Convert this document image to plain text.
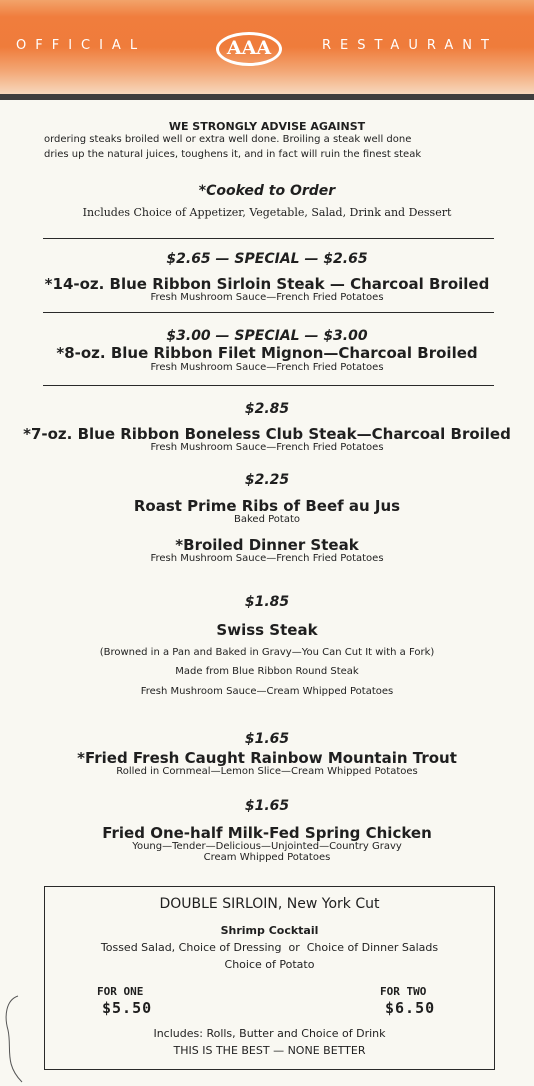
OFFICIAL	AAA	RESTAURANT
WE STRONGLY ADVISE AGAINST
ordering steaks broiled well or extra well done. Broiling a steak well done
dries up the natural juices, toughens it, and in fact will ruin the finest steak
*Cooked to Order
Includes Choice of Appetizer, Vegetable, Salad, Drink and Dessert
$2.65 — SPECIAL — $2.65
*14-oz. Blue Ribbon Sirloin Steak — Charcoal Broiled
Fresh Mushroom Sauce—French Fried Potatoes
$3.00 — SPECIAL — $3.00
*8-oz. Blue Ribbon Filet Mignon—Charcoal Broiled
Fresh Mushroom Sauce—French Fried Potatoes
$2.85
*7-oz. Blue Ribbon Boneless Club Steak—Charcoal Broiled
Fresh Mushroom Sauce—French Fried Potatoes
$2.25
Roast Prime Ribs of Beef au Jus
Baked Potato
*Broiled Dinner Steak
Fresh Mushroom Sauce—French Fried Potatoes
$1.85
Swiss Steak
(Browned in a Pan and Baked in Gravy—You Can Cut It with a Fork)
Made from Blue Ribbon Round Steak
Fresh Mushroom Sauce—Cream Whipped Potatoes
$1.65
*Fried Fresh Caught Rainbow Mountain Trout
Rolled in Cornmeal—Lemon Slice—Cream Whipped Potatoes
$1.65
Fried One-half Milk-Fed Spring Chicken
Young—Tender—Delicious—Unjointed—Country Gravy
Cream Whipped Potatoes
DOUBLE SIRLOIN, New York Cut
Shrimp Cocktail
Tossed Salad, Choice of Dressing  or  Choice of Dinner Salads
Choice of Potato
FOR ONE
$5.50
FOR TWO
$6.50
Includes: Rolls, Butter and Choice of Drink
THIS IS THE BEST — NONE BETTER
